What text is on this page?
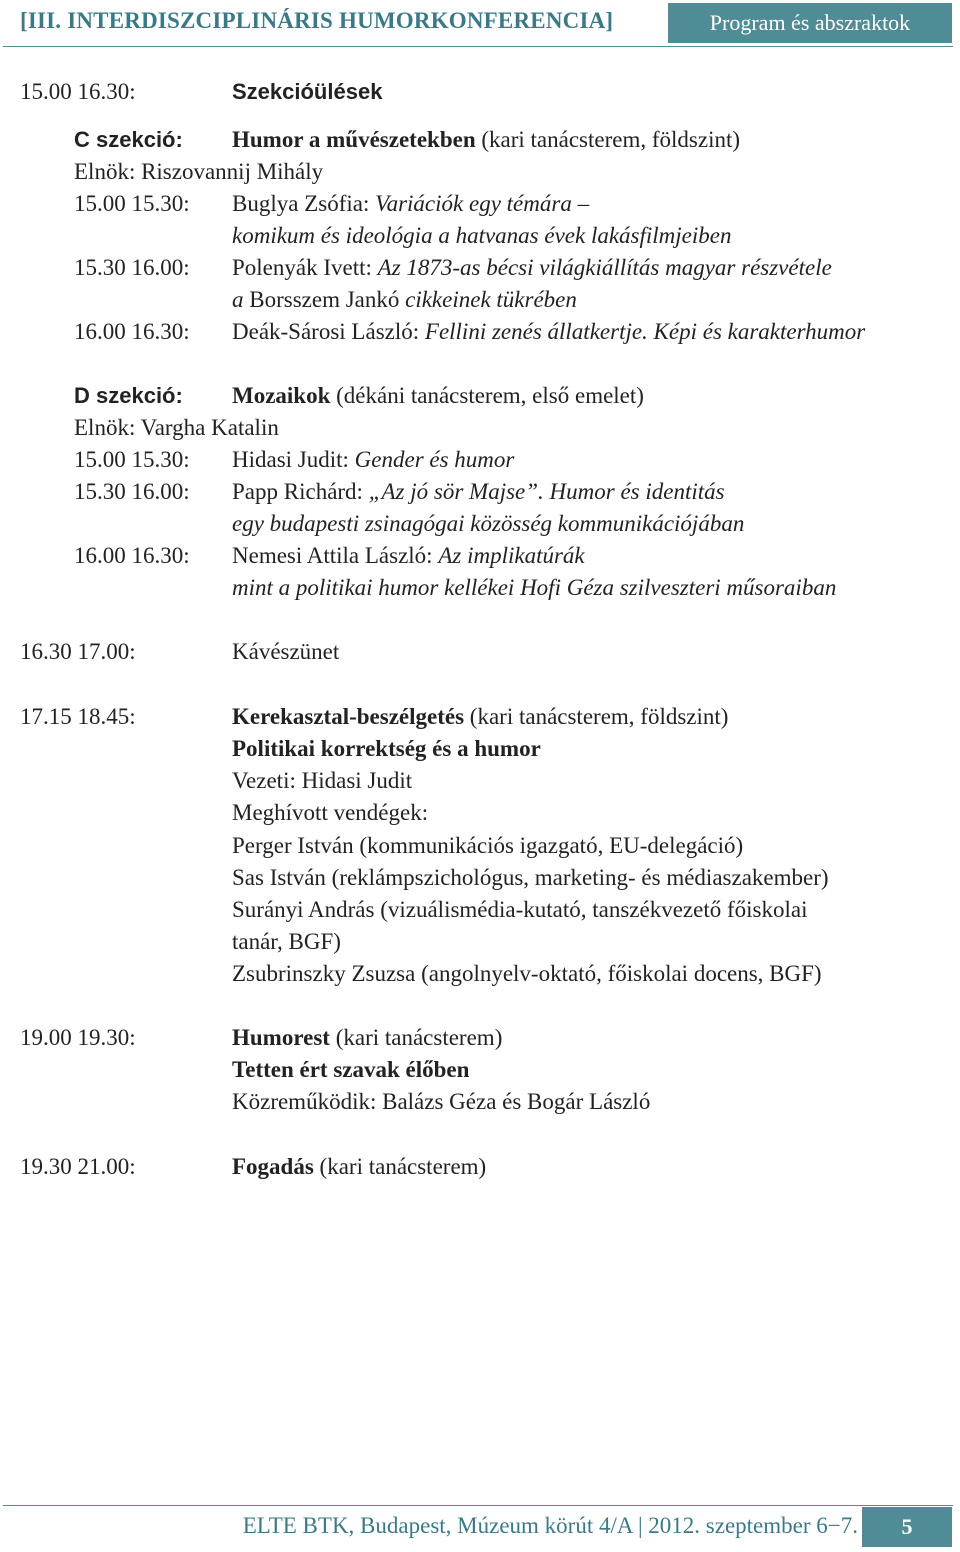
[III. INTERDISZCIPLINÁRIS HUMORKONFERENCIA]	Program és abszraktok
15.00 16.30:	Szekcióülések
C szekció: Humor a művészetekben (kari tanácsterem, földszint)
Elnök: Riszovannij Mihály
15.00 15.30: Buglya Zsófia: Variációk egy témára –
komikum és ideológia a hatvanas évek lakásfilmjeiben
15.30 16.00: Polenyák Ivett: Az 1873-as bécsi világkiállítás magyar részvétele
a Borsszem Jankó cikkeinek tükrében
16.00 16.30: Deák-Sárosi László: Fellini zenés állatkertje. Képi és karakterhumor
D szekció: Mozaikok (dékáni tanácsterem, első emelet)
Elnök: Vargha Katalin
15.00 15.30: Hidasi Judit: Gender és humor
15.30 16.00: Papp Richárd: „Az jó sör Majse”. Humor és identitás
egy budapesti zsinagógai közösség kommunikációjában
16.00 16.30: Nemesi Attila László: Az implikatúrák
mint a politikai humor kellékei Hofi Géza szilveszteri műsoraiban
16.30 17.00:	Kávészünet
17.15 18.45:	Kerekasztal-beszélgetés (kari tanácsterem, földszint)
Politikai korrektség és a humor
Vezeti: Hidasi Judit
Meghívott vendégek:
Perger István (kommunikációs igazgató, EU-delegáció)
Sas István (reklámpszichológus, marketing- és médiaszakember)
Surányi András (vizuálismédia-kutató, tanszékvezető főiskolai
tanár, BGF)
Zsubrinszky Zsuzsa (angolnyelv-oktató, főiskolai docens, BGF)
19.00 19.30:	Humorest (kari tanácsterem)
Tetten ért szavak élőben
Közreműködik: Balázs Géza és Bogár László
19.30 21.00:	Fogadás (kari tanácsterem)
ELTE BTK, Budapest, Múzeum körút 4/A | 2012. szeptember 6−7.	5
